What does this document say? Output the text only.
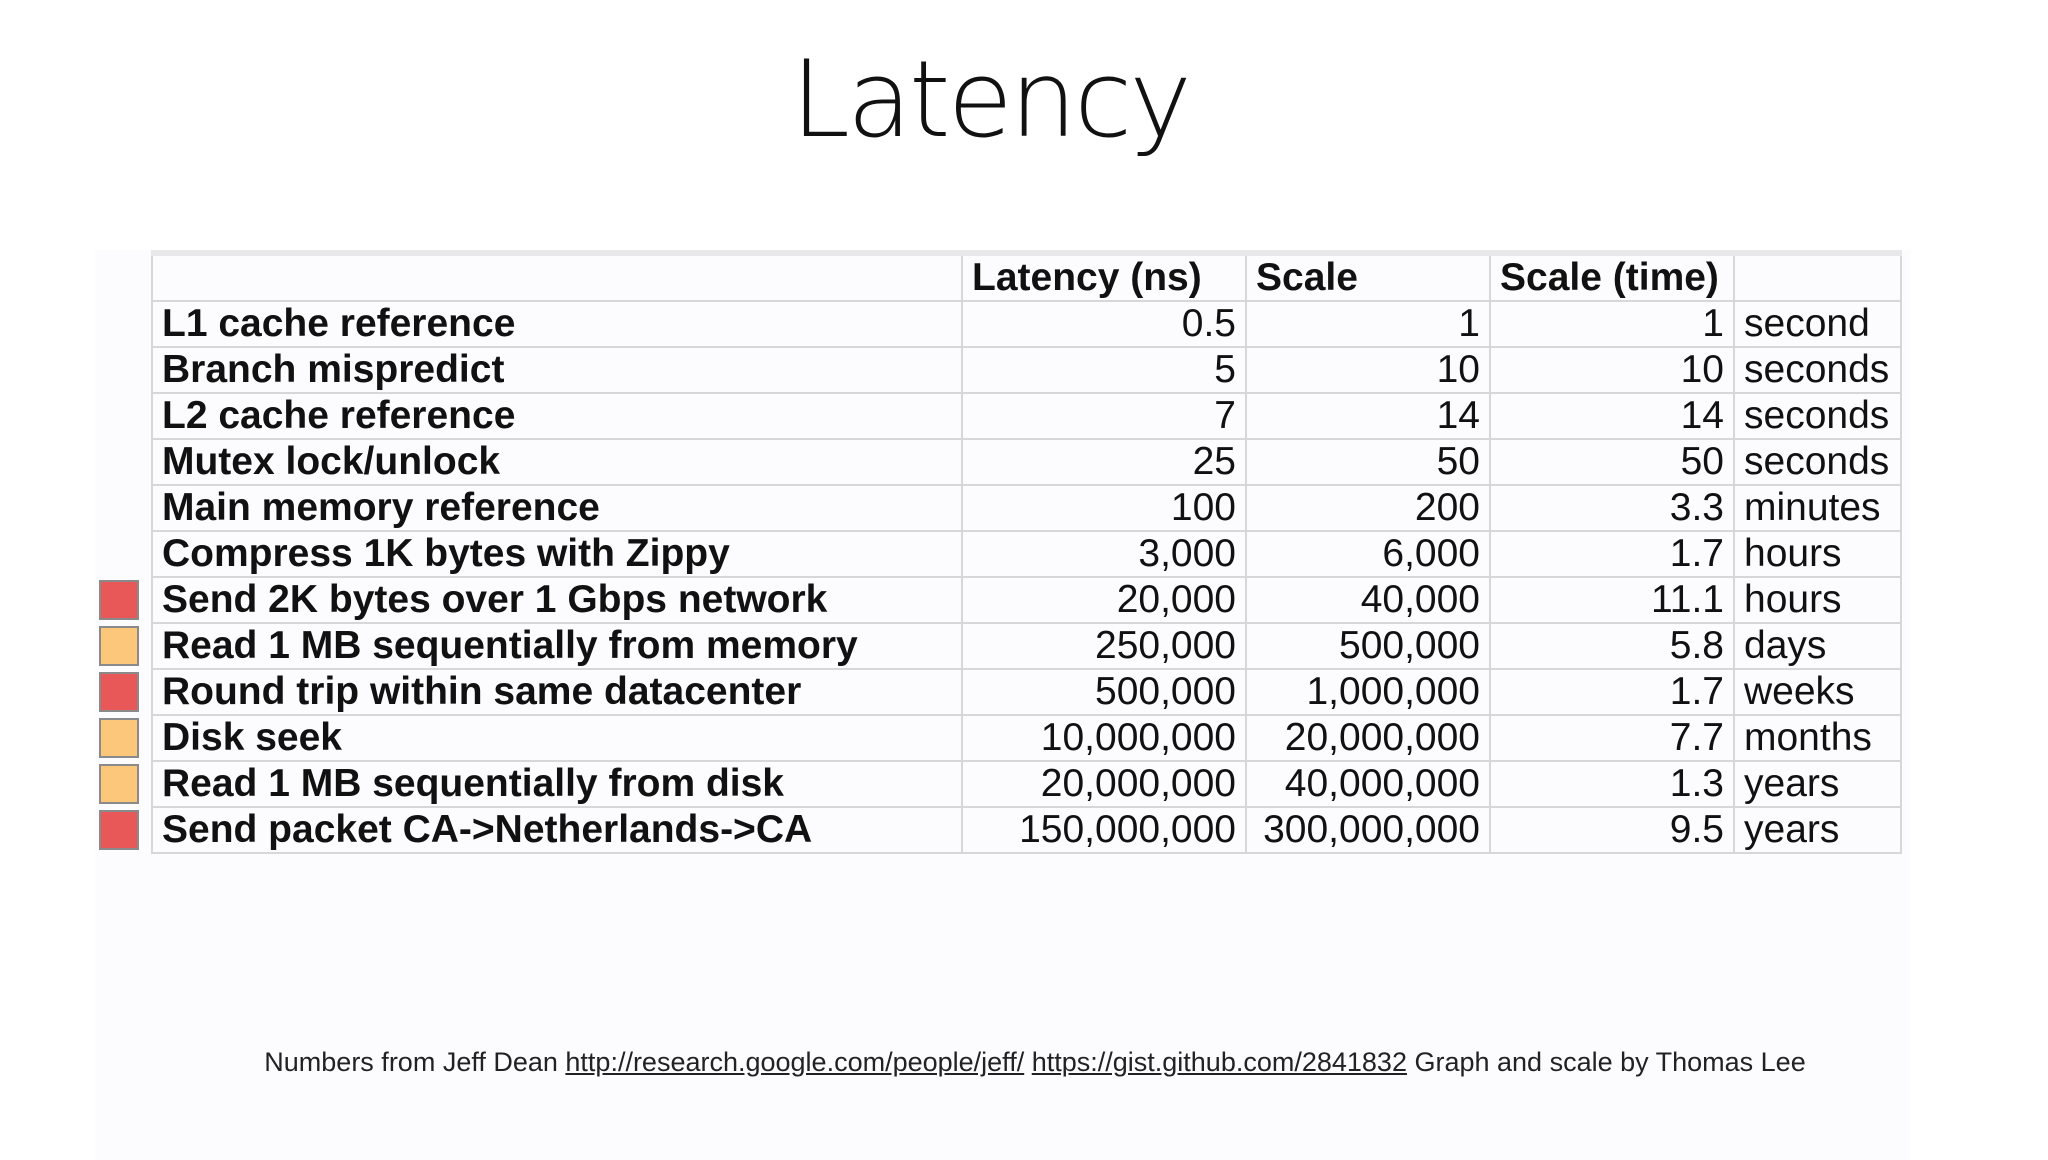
Latency
	Latency (ns)	Scale	Scale (time)	
L1 cache reference	0.5	1	1	second
Branch mispredict	5	10	10	seconds
L2 cache reference	7	14	14	seconds
Mutex lock/unlock	25	50	50	seconds
Main memory reference	100	200	3.3	minutes
Compress 1K bytes with Zippy	3,000	6,000	1.7	hours
Send 2K bytes over 1 Gbps network	20,000	40,000	11.1	hours
Read 1 MB sequentially from memory	250,000	500,000	5.8	days
Round trip within same datacenter	500,000	1,000,000	1.7	weeks
Disk seek	10,000,000	20,000,000	7.7	months
Read 1 MB sequentially from disk	20,000,000	40,000,000	1.3	years
Send packet CA->Netherlands->CA	150,000,000	300,000,000	9.5	years
Numbers from Jeff Dean http://research.google.com/people/jeff/ https://gist.github.com/2841832 Graph and scale by Thomas Lee
